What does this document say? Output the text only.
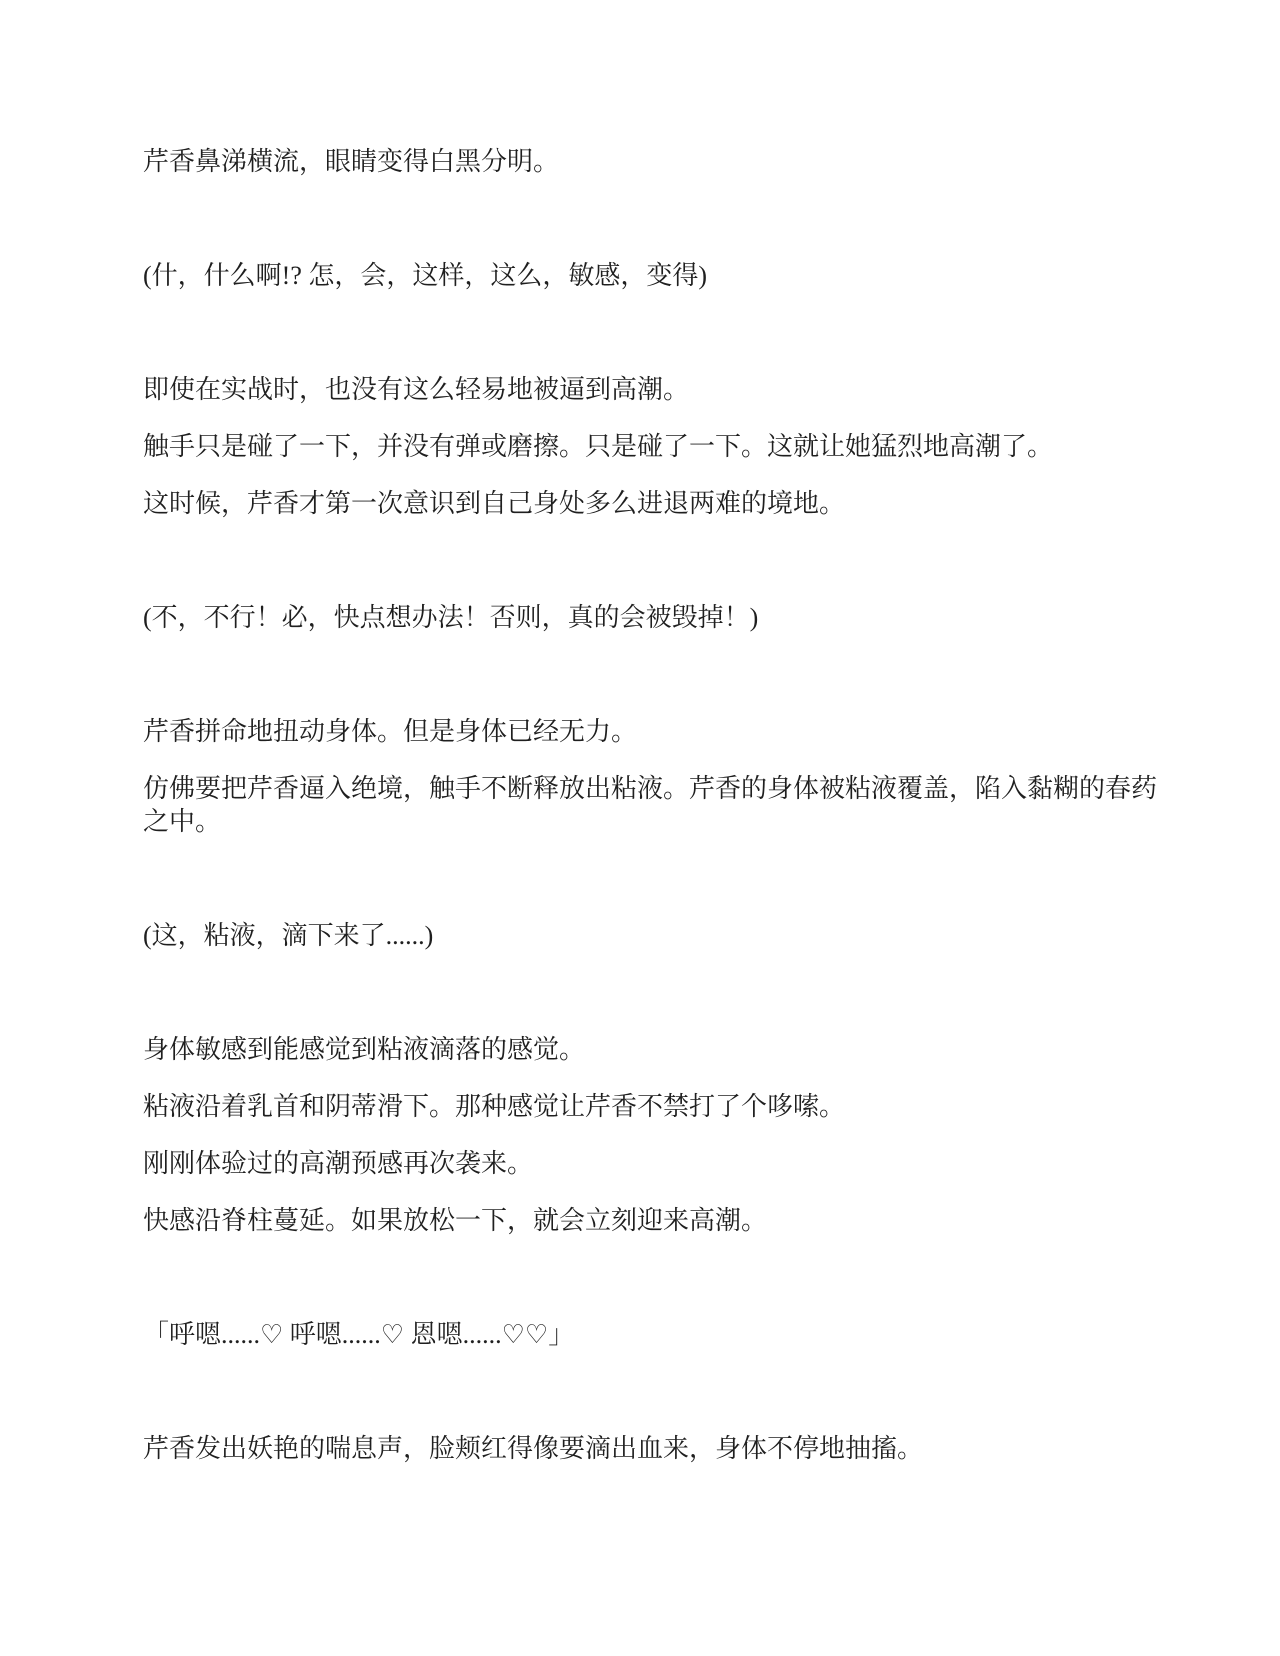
芹香鼻涕横流，眼睛变得白黑分明。

(什，什么啊!? 怎，会，这样，这么，敏感，变得)

即使在实战时，也没有这么轻易地被逼到高潮。

触手只是碰了一下，并没有弹或磨擦。只是碰了一下。这就让她猛烈地高潮了。

这时候，芹香才第一次意识到自己身处多么进退两难的境地。

(不，不行！必，快点想办法！否则，真的会被毁掉！)

芹香拼命地扭动身体。但是身体已经无力。

仿佛要把芹香逼入绝境，触手不断释放出粘液。芹香的身体被粘液覆盖，陷入黏糊的春药之中。

(这，粘液，滴下来了......)

身体敏感到能感觉到粘液滴落的感觉。

粘液沿着乳首和阴蒂滑下。那种感觉让芹香不禁打了个哆嗦。

刚刚体验过的高潮预感再次袭来。

快感沿脊柱蔓延。如果放松一下，就会立刻迎来高潮。

「呼嗯......♡ 呼嗯......♡ 恩嗯......♡♡」

芹香发出妖艳的喘息声，脸颊红得像要滴出血来，身体不停地抽搐。
